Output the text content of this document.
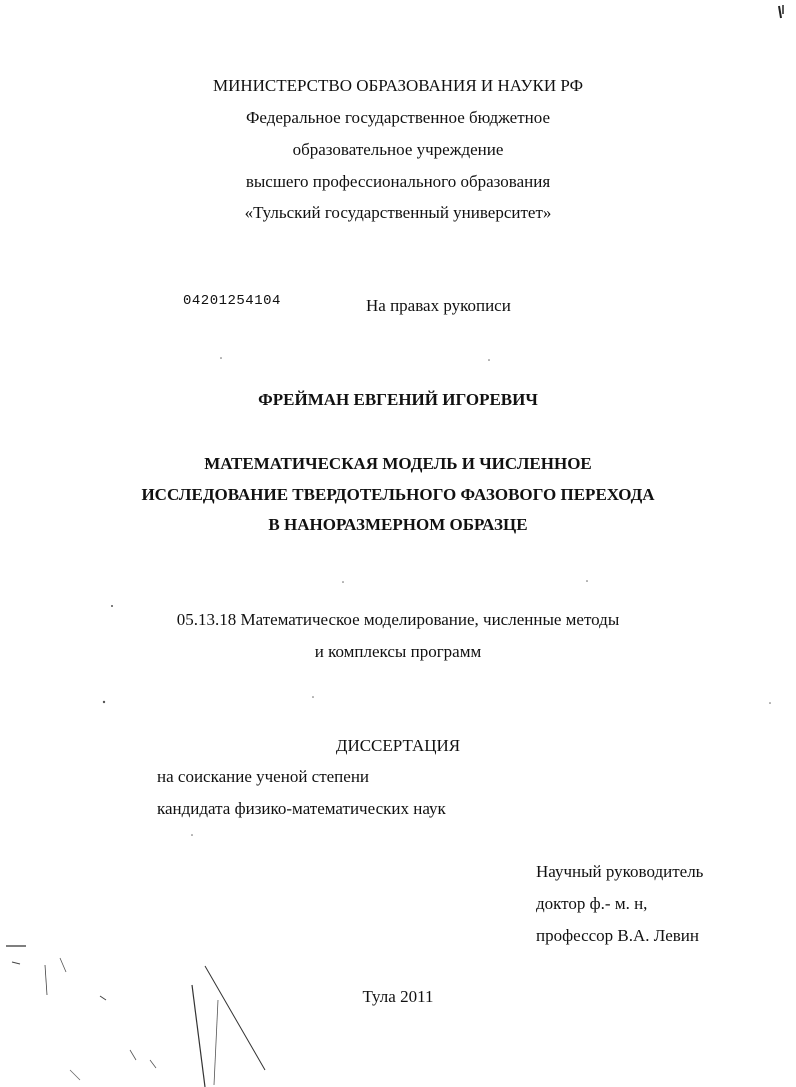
МИНИСТЕРСТВО ОБРАЗОВАНИЯ И НАУКИ РФ
Федеральное государственное бюджетное
образовательное учреждение
высшего профессионального образования
«Тульский государственный университет»
04201254104	На правах рукописи
ФРЕЙМАН ЕВГЕНИЙ ИГОРЕВИЧ
МАТЕМАТИЧЕСКАЯ МОДЕЛЬ И ЧИСЛЕННОЕ
ИССЛЕДОВАНИЕ ТВЕРДОТЕЛЬНОГО ФАЗОВОГО ПЕРЕХОДА
В НАНОРАЗМЕРНОМ ОБРАЗЦЕ
05.13.18 Математическое моделирование, численные методы
и комплексы программ
ДИССЕРТАЦИЯ
на соискание ученой степени
кандидата физико-математических наук
Научный руководитель
доктор ф.- м. н,
профессор В.А. Левин
Тула 2011
